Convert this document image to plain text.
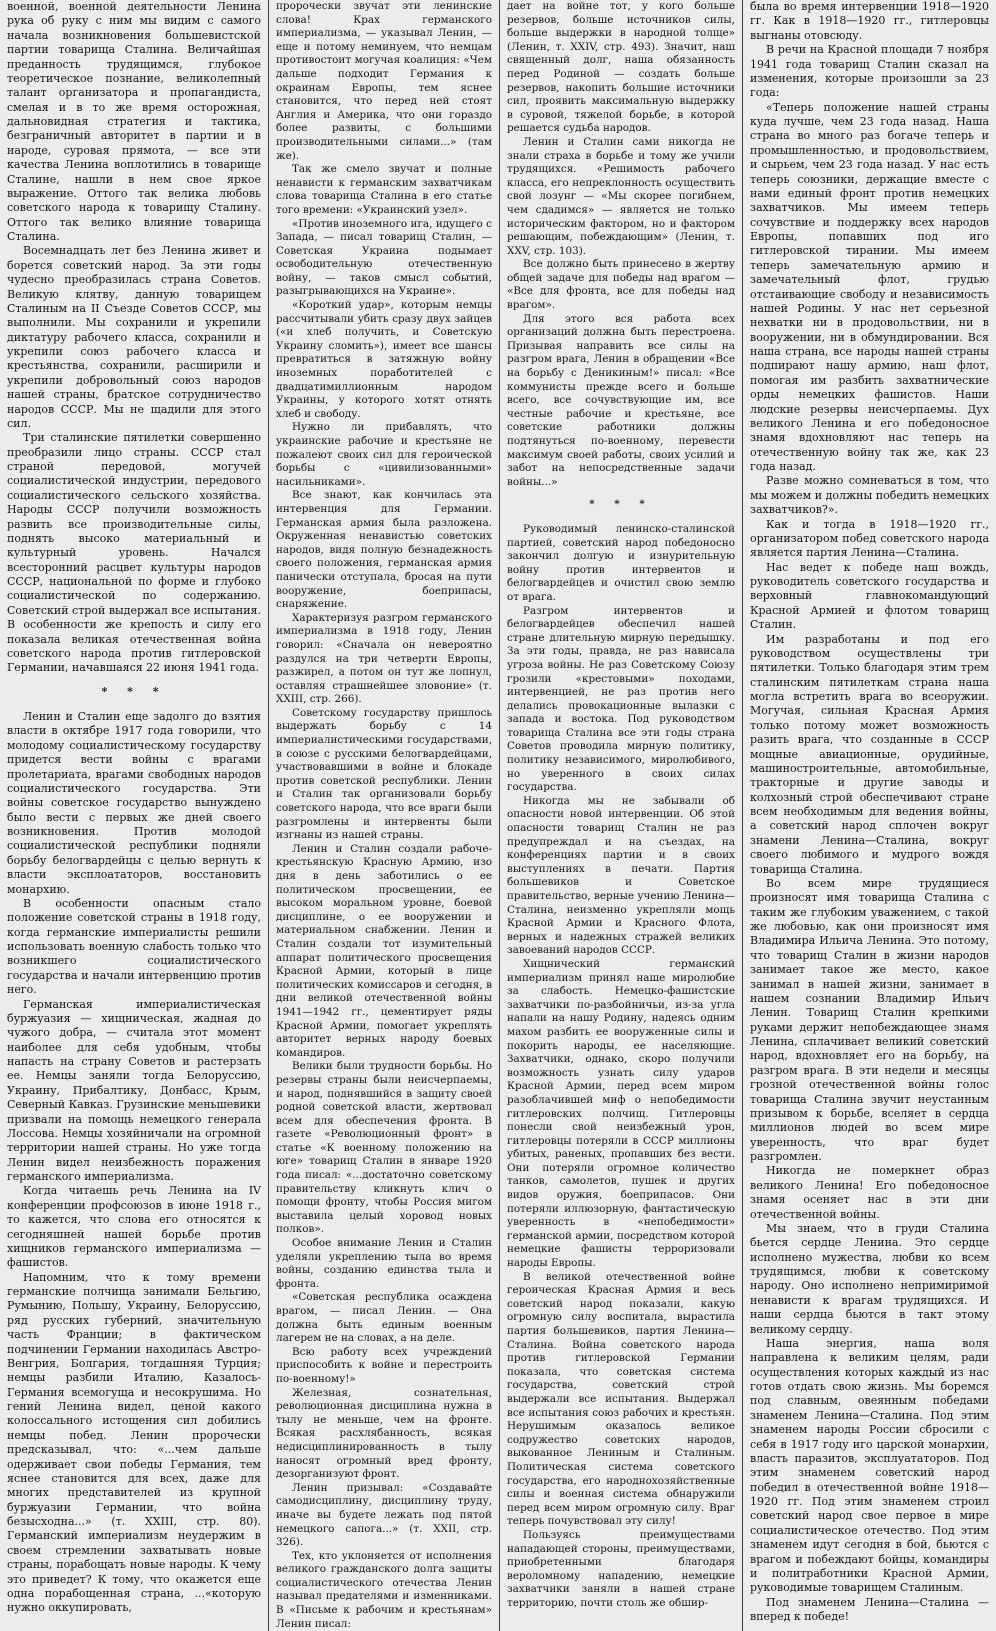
военной, военной деятельности Ленина рука об руку с ним мы видим с самого начала возникновения большевистской партии товарища Сталина. Величайшая преданность трудящимся, глубокое теоретическое познание, великолепный талант организатора и пропагандиста, смелая и в то же время осторожная, дальновидная стратегия и тактика, безграничный авторитет в партии и в народе, суровая прямота, — все эти качества Ленина воплотились в товарище Сталине, нашли в нем свое яркое выражение. Оттого так велика любовь советского народа к товарищу Сталину. Оттого так велико влияние товарища Сталина.

Восемнадцать лет без Ленина живет и борется советский народ. За эти годы чудесно преобразилась страна Советов. Великую клятву, данную товарищем Сталиным на II Съезде Советов СССР, мы выполнили. Мы сохранили и укрепили диктатуру рабочего класса, сохранили и укрепили союз рабочего класса и крестьянства, сохранили, расширили и укрепили добровольный союз народов нашей страны, братское сотрудничество народов СССР. Мы не щадили для этого сил.

Три сталинские пятилетки совершенно преобразили лицо страны. СССР стал страной передовой, могучей социалистической индустрии, передового социалистического сельского хозяйства. Народы СССР получили возможность развить все производительные силы, поднять высоко материальный и культурный уровень. Начался всесторонний расцвет культуры народов СССР, национальной по форме и глубоко социалистической по содержанию. Советский строй выдержал все испытания. В особенности же крепость и силу его показала великая отечественная война советского народа против гитлеровской Германии, начавшаяся 22 июня 1941 года.

* * *

Ленин и Сталин еще задолго до взятия власти в октябре 1917 года говорили, что молодому социалистическому государству придется вести войны с врагами пролетариата, врагами свободных народов социалистического государства. Эти войны советское государство вынуждено было вести с первых же дней своего возникновения. Против молодой социалистической республики подняли борьбу белогвардейцы с целью вернуть к власти эксплоататоров, восстановить монархию.

В особенности опасным стало положение советской страны в 1918 году, когда германские империалисты решили использовать военную слабость только что возникшего социалистического государства и начали интервенцию против него.

Германская империалистическая буржуазия — хищническая, жадная до чужого добра, — считала этот момент наиболее для себя удобным, чтобы напасть на страну Советов и растерзать ее. Немцы заняли тогда Белоруссию, Украину, Прибалтику, Донбасс, Крым, Северный Кавказ. Грузинские меньшевики призвали на помощь немецкого генерала Лоссова. Немцы хозяйничали на огромной территории нашей страны. Но уже тогда Ленин видел неизбежность поражения германского империализма.

Когда читаешь речь Ленина на IV конференции профсоюзов в июне 1918 г., то кажется, что слова его относятся к сегодняшней нашей борьбе против хищников германского империализма — фашистов.

Напомним, что к тому времени германские полчища занимали Бельгию, Румынию, Польшу, Украину, Белоруссию, ряд русских губерний, значительную часть Франции; в фактическом подчинении Германии находилась Австро-Венгрия, Болгария, тогдашняя Турция; немцы разбили Италию, Казалось-Германия всемогуща и несокрушима. Но гений Ленина видел, ценой какого колоссального истощения сил добились немцы побед. Ленин пророчески предсказывал, что: «...чем дальше одерживает свои победы Германия, тем яснее становится для всех, даже для многих представителей из крупной буржуазии Германии, что война безысходна...» (т. XXIII, стр. 80). Германский империализм неудержим в своем стремлении захватывать новые страны, порабощать новые народы. К чему это приведет? К тому, что окажется еще одна порабощенная страна, ...«которую нужно оккупировать,

пророчески звучат эти ленинские слова! Крах германского империализма, — указывал Ленин, — еще и потому неминуем, что немцам противостоит могучая коалиция: «Чем дальше подходит Германия к окраинам Европы, тем яснее становится, что перед ней стоят Англия и Америка, что они гораздо более развиты, с большими производительными силами...» (там же).

Так же смело звучат и полные ненависти к германским захватчикам слова товарища Сталина в его статье того времени: «Украинский узел».

«Против иноземного ига, идущего с Запада, — писал товарищ Сталин, — Советская Украина подымает освободительную отечественную войну, — таков смысл событий, разыгрывающихся на Украине».

«Короткий удар», которым немцы рассчитывали убить сразу двух зайцев («и хлеб получить, и Советскую Украину сломить»), имеет все шансы превратиться в затяжную войну иноземных поработителей с двадцатимиллионным народом Украины, у которого хотят отнять хлеб и свободу.

Нужно ли прибавлять, что украинские рабочие и крестьяне не пожалеют своих сил для героической борьбы с «цивилизованными» насильниками».

Все знают, как кончилась эта интервенция для Германии. Германская армия была разложена. Окруженная ненавистью советских народов, видя полную безнадежность своего положения, германская армия панически отступала, бросая на пути вооружение, боеприпасы, снаряжение.

Характеризуя разгром германского империализма в 1918 году, Ленин говорил: «Сначала он невероятно раздулся на три четверти Европы, разжирел, а потом он тут же лопнул, оставляя страшнейшее зловоние» (т. XXIII, стр. 266).

Советскому государству пришлось выдержать борьбу с 14 империалистическими государствами, в союзе с русскими белогвардейцами, участвовавшими в войне и блокаде против советской республики. Ленин и Сталин так организовали борьбу советского народа, что все враги были разгромлены и интервенты были изгнаны из нашей страны.

Ленин и Сталин создали рабоче-крестьянскую Красную Армию, изо дня в день заботились о ее политическом просвещении, ее высоком моральном уровне, боевой дисциплине, о ее вооружении и материальном снабжении. Ленин и Сталин создали тот изумительный аппарат политического просвещения Красной Армии, который в лице политических комиссаров и сегодня, в дни великой отечественной войны 1941—1942 гг., цементирует ряды Красной Армии, помогает укреплять авторитет верных народу боевых командиров.

Велики были трудности борьбы. Но резервы страны были неисчерпаемы, и народ, поднявшийся в защиту своей родной советской власти, жертвовал всем для обеспечения фронта. В газете «Революционный фронт» в статье «К военному положению на юге» товарищ Сталин в январе 1920 года писал: «...достаточно советскому правительству кликнуть клич о помощи фронту, чтобы Россия мигом выставила целый хоровод новых полков».

Особое внимание Ленин и Сталин уделяли укреплению тыла во время войны, созданию единства тыла и фронта.

«Советская республика осаждена врагом, — писал Ленин. — Она должна быть единым военным лагерем не на словах, а на деле.

Всю работу всех учреждений приспособить к войне и перестроить по-военному!»

Железная, сознательная, революционная дисциплина нужна в тылу не меньше, чем на фронте. Всякая расхлябанность, всякая недисциплинированность в тылу наносят огромный вред фронту, дезорганизуют фронт.

Ленин призывал: «Создавайте самодисциплину, дисциплину труду, иначе вы будете лежать под пятой немецкого сапога...» (т. XXII, стр. 326).

Тех, кто уклоняется от исполнения великого гражданского долга защиты социалистического отечества Ленин называл предателями и изменниками. В «Письме к рабочим и крестьянам» Ленин писал:

дает на войне тот, у кого больше резервов, больше источников силы, больше выдержки в народной толще» (Ленин, т. XXIV, стр. 493). Значит, наш священный долг, наша обязанность перед Родиной — создать больше резервов, накопить большие источники сил, проявить максимальную выдержку в суровой, тяжелой борьбе, в которой решается судьба народов.

Ленин и Сталин сами никогда не знали страха в борьбе и тому же учили трудящихся. «Решимость рабочего класса, его непреклонность осуществить свой лозунг — «Мы скорее погибнем, чем сдадимся» — является не только историческим фактором, но и фактором решающим, побеждающим» (Ленин, т. XXV, стр. 103).

Все должно быть принесено в жертву общей задаче для победы над врагом — «Все для фронта, все для победы над врагом».

Для этого вся работа всех организаций должна быть перестроена. Призывая направить все силы на разгром врага, Ленин в обращении «Все на борьбу с Деникиным!» писал: «Все коммунисты прежде всего и больше всего, все сочувствующие им, все честные рабочие и крестьяне, все советские работники должны подтянуться по-военному, перевести максимум своей работы, своих усилий и забот на непосредственные задачи войны...»

* * *

Руководимый ленинско-сталинской партией, советский народ победоносно закончил долгую и изнурительную войну против интервентов и белогвардейцев и очистил свою землю от врага.

Разгром интервентов и белогвардейцев обеспечил нашей стране длительную мирную передышку. За эти годы, правда, не раз нависала угроза войны. Не раз Советскому Союзу грозили «крестовыми» походами, интервенцией, не раз против него делались провокационные вылазки с запада и востока. Под руководством товарища Сталина все эти годы страна Советов проводила мирную политику, политику независимого, миролюбивого, но уверенного в своих силах государства.

Никогда мы не забывали об опасности новой интервенции. Об этой опасности товарищ Сталин не раз предупреждал и на съездах, на конференциях партии и в своих выступлениях в печати. Партия большевиков и Советское правительство, верные учению Ленина—Сталина, неизменно укрепляли мощь Красной Армии и Красного Флота, верных и надежных стражей великих завоеваний народов СССР.

Хищнический германский империализм принял наше миролюбие за слабость. Немецко-фашистские захватчики по-разбойничьи, из-за угла напали на нашу Родину, надеясь одним махом разбить ее вооруженные силы и покорить народы, ее населяющие. Захватчики, однако, скоро получили возможность узнать силу ударов Красной Армии, перед всем миром разоблачившей миф о непобедимости гитлеровских полчищ. Гитлеровцы понесли свой неизбежный урон, гитлеровцы потеряли в СССР миллионы убитых, раненых, пропавших без вести. Они потеряли огромное количество танков, самолетов, пушек и других видов оружия, боеприпасов. Они потеряли иллюзорную, фантастическую уверенность в «непобедимости» германской армии, посредством которой немецкие фашисты терроризовали народы Европы.

В великой отечественной войне героическая Красная Армия и весь советский народ показали, какую огромную силу воспитала, вырастила партия большевиков, партия Ленина—Сталина. Война советского народа против гитлеровской Германии показала, что советская система государства, советский строй выдержали все испытания. Выдержал все испытания союз рабочих и крестьян. Нерушимым оказалось великое содружество советских народов, выкованное Лениным и Сталиным. Политическая система советского государства, его народнохозяйственные силы и военная система обнаружили перед всем миром огромную силу. Враг теперь почувствовал эту силу!

Пользуясь преимуществами нападающей стороны, преимуществами, приобретенными благодаря вероломному нападению, немецкие захватчики заняли в нашей стране территорию, почти столь же обшир-

была во время интервенции 1918—1920 гг. Как в 1918—1920 гг., гитлеровцы выгнаны отовсюду.

В речи на Красной площади 7 ноября 1941 года товарищ Сталин сказал на изменения, которые произошли за 23 года:

«Теперь положение нашей страны куда лучше, чем 23 года назад. Наша страна во много раз богаче теперь и промышленностью, и продовольствием, и сырьем, чем 23 года назад. У нас есть теперь союзники, держащие вместе с нами единый фронт против немецких захватчиков. Мы имеем теперь сочувствие и поддержку всех народов Европы, попавших под иго гитлеровской тирании. Мы имеем теперь замечательную армию и замечательный флот, грудью отстаивающие свободу и независимость нашей Родины. У нас нет серьезной нехватки ни в продовольствии, ни в вооружении, ни в обмундировании. Вся наша страна, все народы нашей страны подпирают нашу армию, наш флот, помогая им разбить захватнические орды немецких фашистов. Наши людские резервы неисчерпаемы. Дух великого Ленина и его победоносное знамя вдохновляют нас теперь на отечественную войну так же, как 23 года назад.

Разве можно сомневаться в том, что мы можем и должны победить немецких захватчиков?».

Как и тогда в 1918—1920 гг., организатором побед советского народа является партия Ленина—Сталина.

Нас ведет к победе наш вождь, руководитель советского государства и верховный главнокомандующий Красной Армией и флотом товарищ Сталин.

Им разработаны и под его руководством осуществлены три пятилетки. Только благодаря этим трем сталинским пятилеткам страна наша могла встретить врага во всеоружии. Могучая, сильная Красная Армия только потому может возможность разить врага, что созданные в СССР мощные авиационные, орудийные, машиностроительные, автомобильные, тракторные и другие заводы и колхозный строй обеспечивают стране всем необходимым для ведения войны, а советский народ сплочен вокруг знамени Ленина—Сталина, вокруг своего любимого и мудрого вождя товарища Сталина.

Во всем мире трудящиеся произносят имя товарища Сталина с таким же глубоким уважением, с такой же любовью, как они произносят имя Владимира Ильича Ленина. Это потому, что товарищ Сталин в жизни народов занимает такое же место, какое занимал в нашей жизни, занимает в нашем сознании Владимир Ильич Ленин. Товарищ Сталин крепкими руками держит непобеждающее знамя Ленина, сплачивает великий советский народ, вдохновляет его на борьбу, на разгром врага. В эти недели и месяцы грозной отечественной войны голос товарища Сталина звучит неустанным призывом к борьбе, вселяет в сердца миллионов людей во всем мире уверенность, что враг будет разгромлен.

Никогда не померкнет образ великого Ленина! Его победоносное знамя осеняет нас в эти дни отечественной войны.

Мы знаем, что в груди Сталина бьется сердце Ленина. Это сердце исполнено мужества, любви ко всем трудящимся, любви к советскому народу. Оно исполнено непримиримой ненависти к врагам трудящихся. И наши сердца бьются в такт этому великому сердцу.

Наша энергия, наша воля направлена к великим целям, ради осуществления которых каждый из нас готов отдать свою жизнь. Мы боремся под славным, овеянным победами знаменем Ленина—Сталина. Под этим знаменем народы России сбросили с себя в 1917 году иго царской монархии, власть паразитов, эксплуататоров. Под этим знаменем советский народ победил в отечественной войне 1918—1920 гг. Под этим знаменем строил советский народ свое первое в мире социалистическое отечество. Под этим знаменем идут сегодня в бой, бьются с врагом и побеждают бойцы, командиры и политработники Красной Армии, руководимые товарищем Сталиным.

Под знаменем Ленина—Сталина — вперед к победе!
